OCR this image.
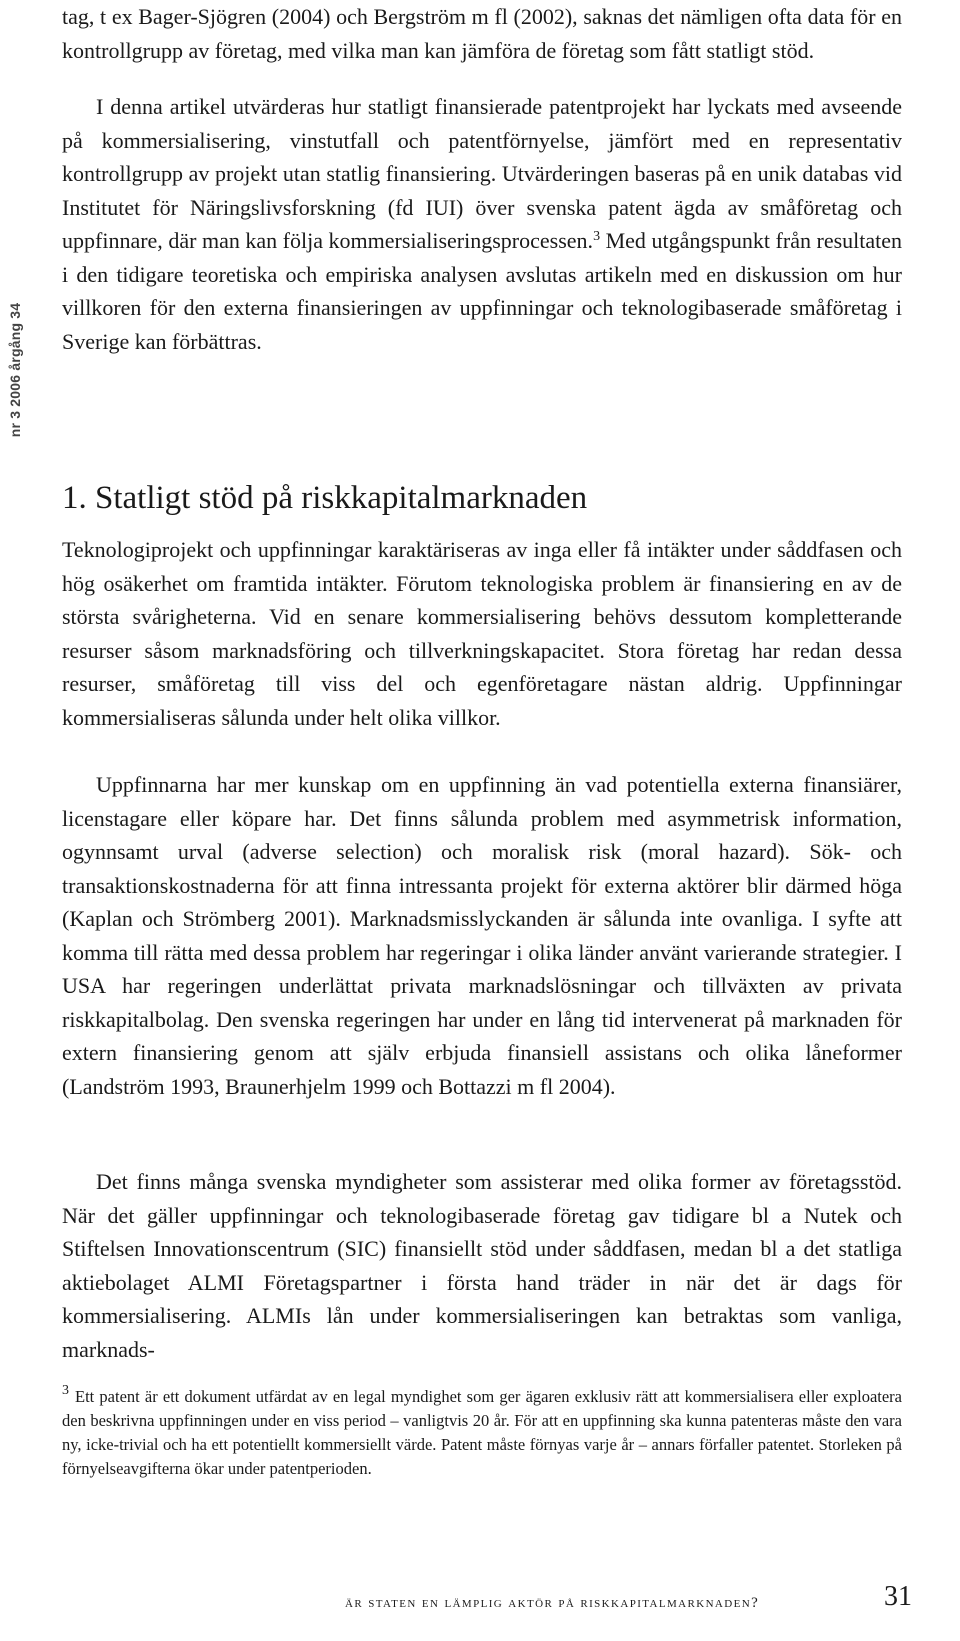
nr 3 2006 årgång 34

tag, t ex Bager-Sjögren (2004) och Bergström m fl (2002), saknas det nämligen ofta data för en kontrollgrupp av företag, med vilka man kan jämföra de företag som fått statligt stöd.

I denna artikel utvärderas hur statligt finansierade patentprojekt har lyckats med avseende på kommersialisering, vinstutfall och patentförnyelse, jämfört med en representativ kontrollgrupp av projekt utan statlig finansiering. Utvärderingen baseras på en unik databas vid Institutet för Näringslivsforskning (fd IUI) över svenska patent ägda av småföretag och uppfinnare, där man kan följa kommersialiseringsprocessen.$^3$ Med utgångspunkt från resultaten i den tidigare teoretiska och empiriska analysen avslutas artikeln med en diskussion om hur villkoren för den externa finansieringen av uppfinningar och teknologibaserade småföretag i Sverige kan förbättras.

1. Statligt stöd på riskkapitalmarknaden

Teknologiprojekt och uppfinningar karaktäriseras av inga eller få intäkter under såddfasen och hög osäkerhet om framtida intäkter. Förutom teknologiska problem är finansiering en av de största svårigheterna. Vid en senare kommersialisering behövs dessutom kompletterande resurser såsom marknadsföring och tillverkningskapacitet. Stora företag har redan dessa resurser, småföretag till viss del och egenföretagare nästan aldrig. Uppfinningar kommersialiseras sålunda under helt olika villkor.

Uppfinnarna har mer kunskap om en uppfinning än vad potentiella externa finansiärer, licenstagare eller köpare har. Det finns sålunda problem med asymmetrisk information, ogynnsamt urval (adverse selection) och moralisk risk (moral hazard). Sök- och transaktionskostnaderna för att finna intressanta projekt för externa aktörer blir därmed höga (Kaplan och Strömberg 2001). Marknadsmisslyckanden är sålunda inte ovanliga. I syfte att komma till rätta med dessa problem har regeringar i olika länder använt varierande strategier. I USA har regeringen underlättat privata marknadslösningar och tillväxten av privata riskkapitalbolag. Den svenska regeringen har under en lång tid intervenerat på marknaden för extern finansiering genom att själv erbjuda finansiell assistans och olika låneformer (Landström 1993, Braunerhjelm 1999 och Bottazzi m fl 2004).

Det finns många svenska myndigheter som assisterar med olika former av företagsstöd. När det gäller uppfinningar och teknologibaserade företag gav tidigare bl a Nutek och Stiftelsen Innovationscentrum (SIC) finansiellt stöd under såddfasen, medan bl a det statliga aktiebolaget ALMI Företagspartner i första hand träder in när det är dags för kommersialisering. ALMIs lån under kommersialiseringen kan betraktas som vanliga, marknads-

$^3$ Ett patent är ett dokument utfärdat av en legal myndighet som ger ägaren exklusiv rätt att kommersialisera eller exploatera den beskrivna uppfinningen under en viss period – vanligtvis 20 år. För att en uppfinning ska kunna patenteras måste den vara ny, icke-trivial och ha ett potentiellt kommersiellt värde. Patent måste förnyas varje år – annars förfaller patentet. Storleken på förnyelseavgifterna ökar under patentperioden.

är staten en lämplig aktör på riskkapitalmarknaden?	31
